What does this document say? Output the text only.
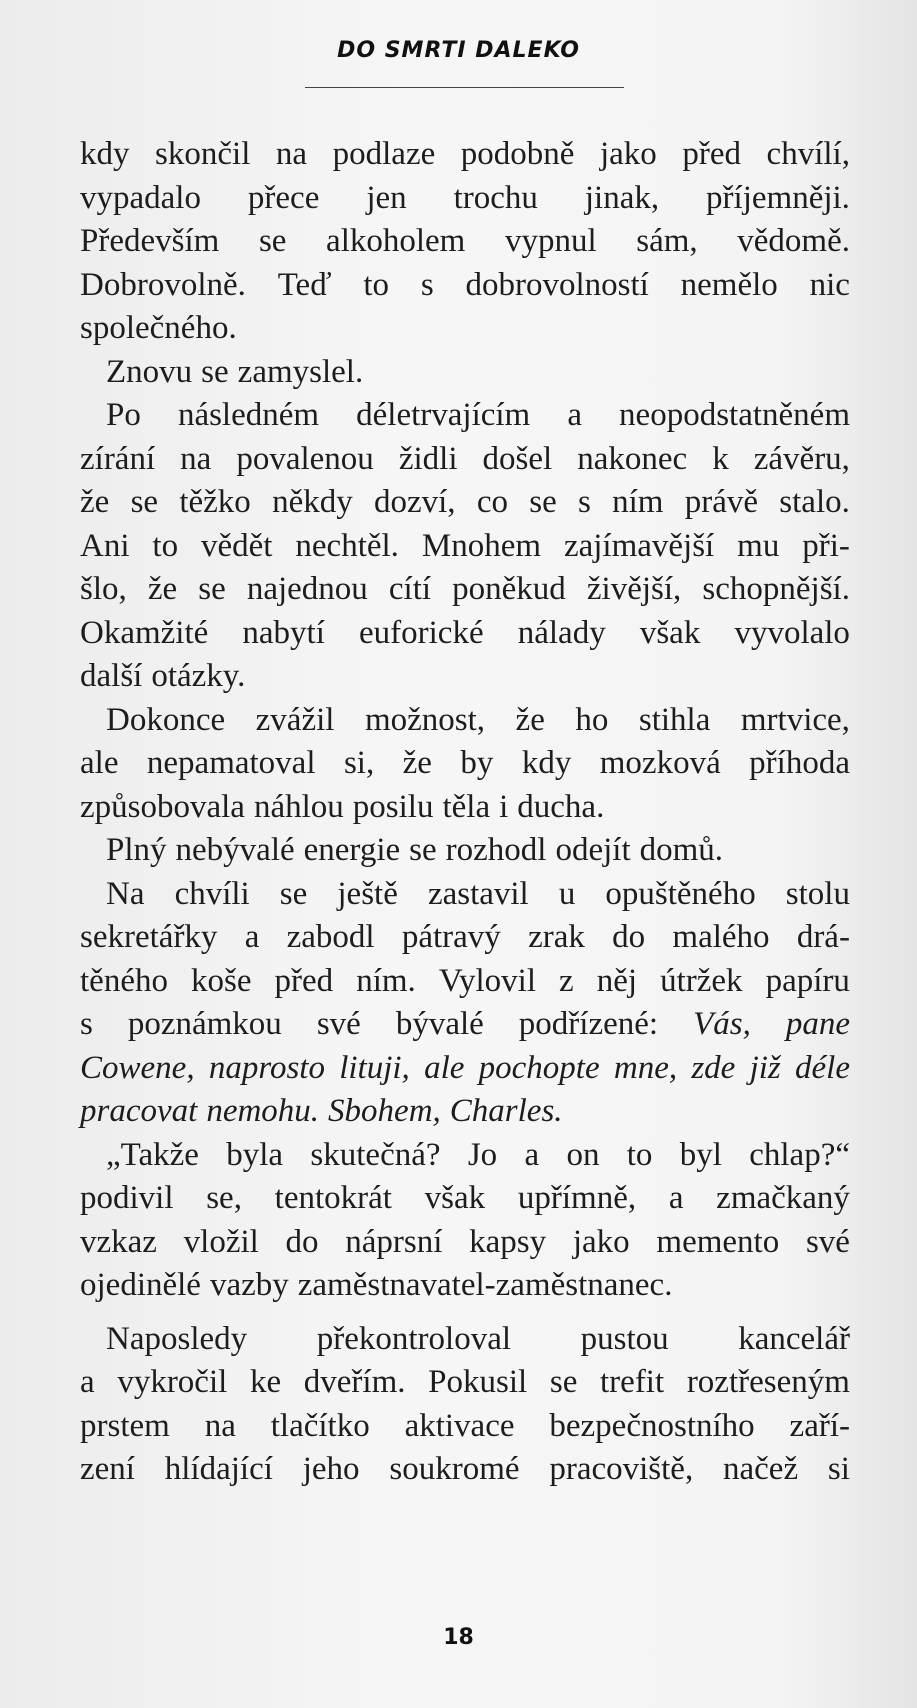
DO SMRTI DALEKO
kdy skončil na podlaze podobně jako před chvílí,
vypadalo přece jen trochu jinak, příjemněji.
Především se alkoholem vypnul sám, vědomě.
Dobrovolně. Teď to s dobrovolností nemělo nic
společného.
Znovu se zamyslel.
Po následném déletrvajícím a neopodstatněném
zírání na povalenou židli došel nakonec k závěru,
že se těžko někdy dozví, co se s ním právě stalo.
Ani to vědět nechtěl. Mnohem zajímavější mu při-
šlo, že se najednou cítí poněkud živější, schopnější.
Okamžité nabytí euforické nálady však vyvolalo
další otázky.
Dokonce zvážil možnost, že ho stihla mrtvice,
ale nepamatoval si, že by kdy mozková příhoda
způsobovala náhlou posilu těla i ducha.
Plný nebývalé energie se rozhodl odejít domů.
Na chvíli se ještě zastavil u opuštěného stolu
sekretářky a zabodl pátravý zrak do malého drá-
těného koše před ním. Vylovil z něj útržek papíru
s poznámkou své bývalé podřízené: Vás, pane
Cowene, naprosto lituji, ale pochopte mne, zde již déle
pracovat nemohu. Sbohem, Charles.
„Takže byla skutečná? Jo a on to byl chlap?“
podivil se, tentokrát však upřímně, a zmačkaný
vzkaz vložil do náprsní kapsy jako memento své
ojedinělé vazby zaměstnavatel-zaměstnanec.
Naposledy překontroloval pustou kancelář
a vykročil ke dveřím. Pokusil se trefit roztřeseným
prstem na tlačítko aktivace bezpečnostního zaří-
zení hlídající jeho soukromé pracoviště, načež si
18
